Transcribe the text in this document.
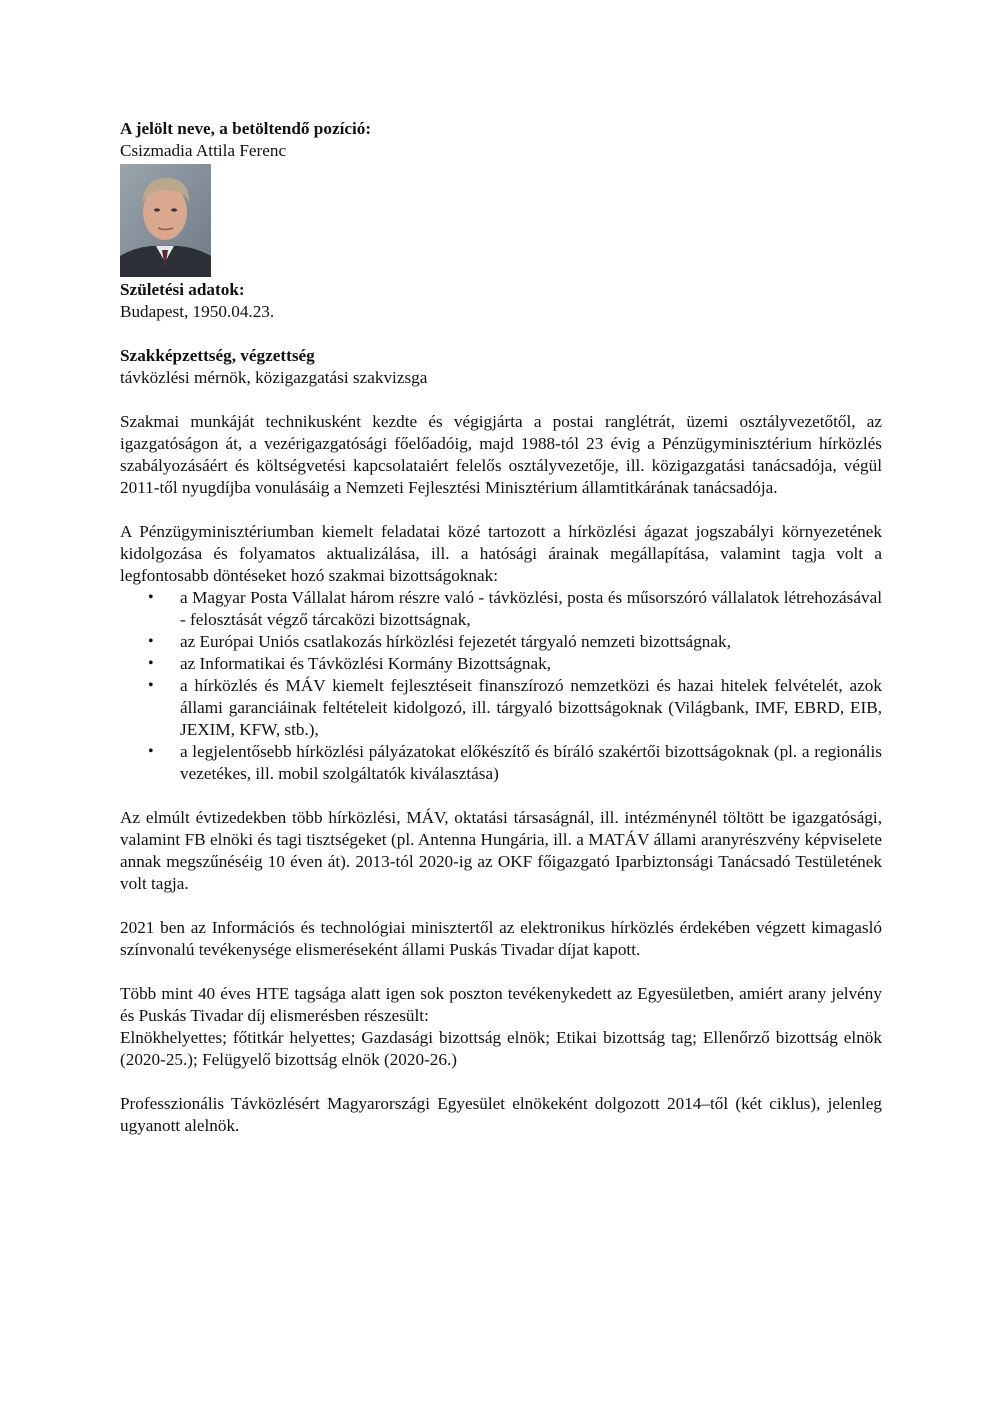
A jelölt neve, a betöltendő pozíció:
Csizmadia Attila Ferenc
Születési adatok:
Budapest, 1950.04.23.
Szakképzettség, végzettség
távközlési mérnök, közigazgatási szakvizsga

Szakmai munkáját technikusként kezdte és végigjárta a postai ranglétrát, üzemi osztályvezetőtől, az igazgatóságon át, a vezérigazgatósági főelőadóig, majd 1988-tól 23 évig a Pénzügyminisztérium hírközlés szabályozásáért és költségvetési kapcsolataiért felelős osztályvezetője, ill. közigazgatási tanácsadója, végül 2011-től nyugdíjba vonulásáig a Nemzeti Fejlesztési Minisztérium államtitkárának tanácsadója.

A Pénzügyminisztériumban kiemelt feladatai közé tartozott a hírközlési ágazat jogszabályi környezetének kidolgozása és folyamatos aktualizálása, ill. a hatósági árainak megállapítása, valamint tagja volt a legfontosabb döntéseket hozó szakmai bizottságoknak:

• a Magyar Posta Vállalat három részre való - távközlési, posta és műsorszóró vállalatok létrehozásával - felosztását végző tárcaközi bizottságnak,
• az Európai Uniós csatlakozás hírközlési fejezetét tárgyaló nemzeti bizottságnak,
• az Informatikai és Távközlési Kormány Bizottságnak,
• a hírközlés és MÁV kiemelt fejlesztéseit finanszírozó nemzetközi és hazai hitelek felvételét, azok állami garanciáinak feltételeit kidolgozó, ill. tárgyaló bizottságoknak (Világbank, IMF, EBRD, EIB, JEXIM, KFW, stb.),
• a legjelentősebb hírközlési pályázatokat előkészítő és bíráló szakértői bizottságoknak (pl. a regionális vezetékes, ill. mobil szolgáltatók kiválasztása)

Az elmúlt évtizedekben több hírközlési, MÁV, oktatási társaságnál, ill. intézménynél töltött be igazgatósági, valamint FB elnöki és tagi tisztségeket (pl. Antenna Hungária, ill. a MATÁV állami aranyrészvény képviselete annak megszűnéséig 10 éven át). 2013-tól 2020-ig az OKF főigazgató Iparbiztonsági Tanácsadó Testületének volt tagja.

2021 ben az Információs és technológiai minisztertől az elektronikus hírközlés érdekében végzett kimagasló színvonalú tevékenysége elismeréseként állami Puskás Tivadar díjat kapott.

Több mint 40 éves HTE tagsága alatt igen sok poszton tevékenykedett az Egyesületben, amiért arany jelvény és Puskás Tivadar díj elismerésben részesült:

Elnökhelyettes; főtitkár helyettes; Gazdasági bizottság elnök; Etikai bizottság tag; Ellenőrző bizottság elnök (2020-25.); Felügyelő bizottság elnök (2020-26.)

Professzionális Távközlésért Magyarországi Egyesület elnökeként dolgozott 2014–től (két ciklus), jelenleg ugyanott alelnök.
